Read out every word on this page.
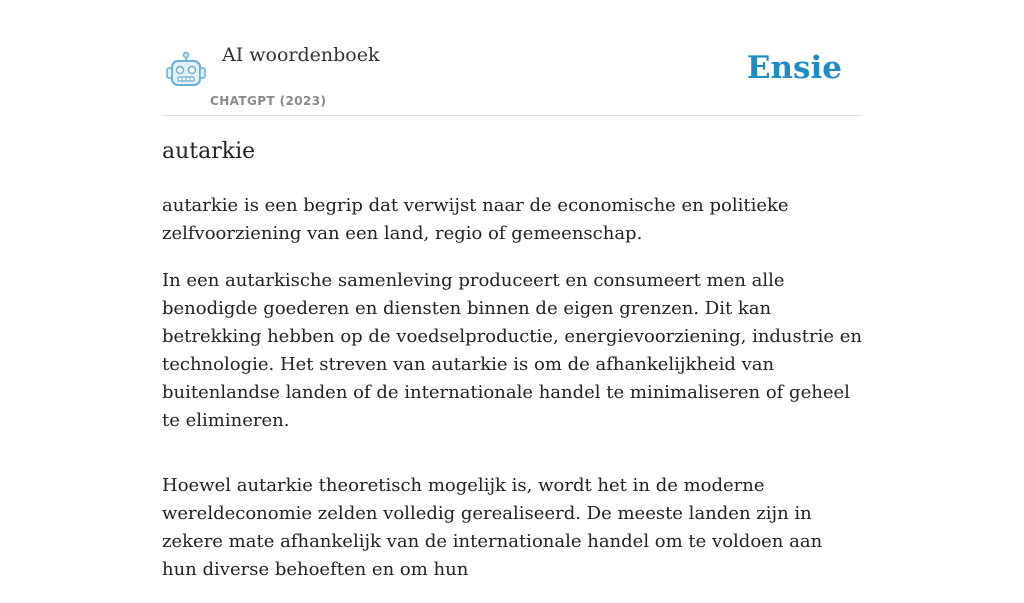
AI woordenboek
CHATGPT (2023)
Ensie
autarkie

autarkie is een begrip dat verwijst naar de economische en politieke zelfvoorziening van een land, regio of gemeenschap.

In een autarkische samenleving produceert en consumeert men alle benodigde goederen en diensten binnen de eigen grenzen. Dit kan betrekking hebben op de voedselproductie, energievoorziening, industrie en technologie. Het streven van autarkie is om de afhankelijkheid van buitenlandse landen of de internationale handel te minimaliseren of geheel te elimineren.

Hoewel autarkie theoretisch mogelijk is, wordt het in de moderne wereldeconomie zelden volledig gerealiseerd. De meeste landen zijn in zekere mate afhankelijk van de internationale handel om te voldoen aan hun diverse behoeften en om hun
